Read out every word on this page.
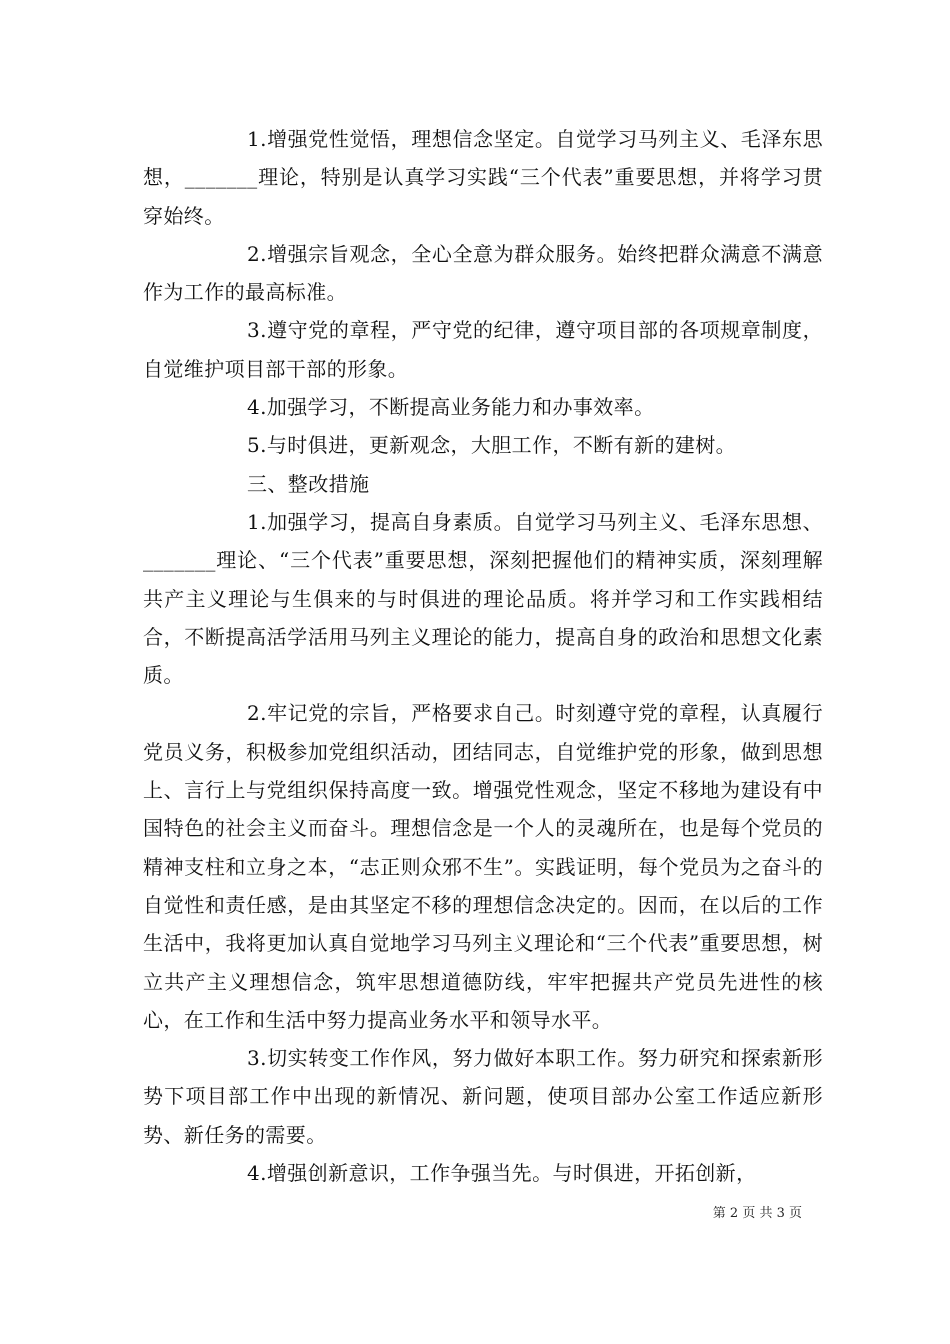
1.增强党性觉悟，理想信念坚定。自觉学习马列主义、毛泽东思想，_______理论，特别是认真学习实践“三个代表”重要思想，并将学习贯穿始终。

2.增强宗旨观念，全心全意为群众服务。始终把群众满意不满意作为工作的最高标准。

3.遵守党的章程，严守党的纪律，遵守项目部的各项规章制度，自觉维护项目部干部的形象。

4.加强学习，不断提高业务能力和办事效率。

5.与时俱进，更新观念，大胆工作，不断有新的建树。

三、整改措施

1.加强学习，提高自身素质。自觉学习马列主义、毛泽东思想、_______理论、“三个代表”重要思想，深刻把握他们的精神实质，深刻理解共产主义理论与生俱来的与时俱进的理论品质。将并学习和工作实践相结合，不断提高活学活用马列主义理论的能力，提高自身的政治和思想文化素质。

2.牢记党的宗旨，严格要求自己。时刻遵守党的章程，认真履行党员义务，积极参加党组织活动，团结同志，自觉维护党的形象，做到思想上、言行上与党组织保持高度一致。增强党性观念，坚定不移地为建设有中国特色的社会主义而奋斗。理想信念是一个人的灵魂所在，也是每个党员的精神支柱和立身之本，“志正则众邪不生”。实践证明，每个党员为之奋斗的自觉性和责任感，是由其坚定不移的理想信念决定的。因而，在以后的工作生活中，我将更加认真自觉地学习马列主义理论和“三个代表”重要思想，树立共产主义理想信念，筑牢思想道德防线，牢牢把握共产党员先进性的核心，在工作和生活中努力提高业务水平和领导水平。

3.切实转变工作作风，努力做好本职工作。努力研究和探索新形势下项目部工作中出现的新情况、新问题，使项目部办公室工作适应新形势、新任务的需要。

4.增强创新意识，工作争强当先。与时俱进，开拓创新，

第 2 页 共 3 页
